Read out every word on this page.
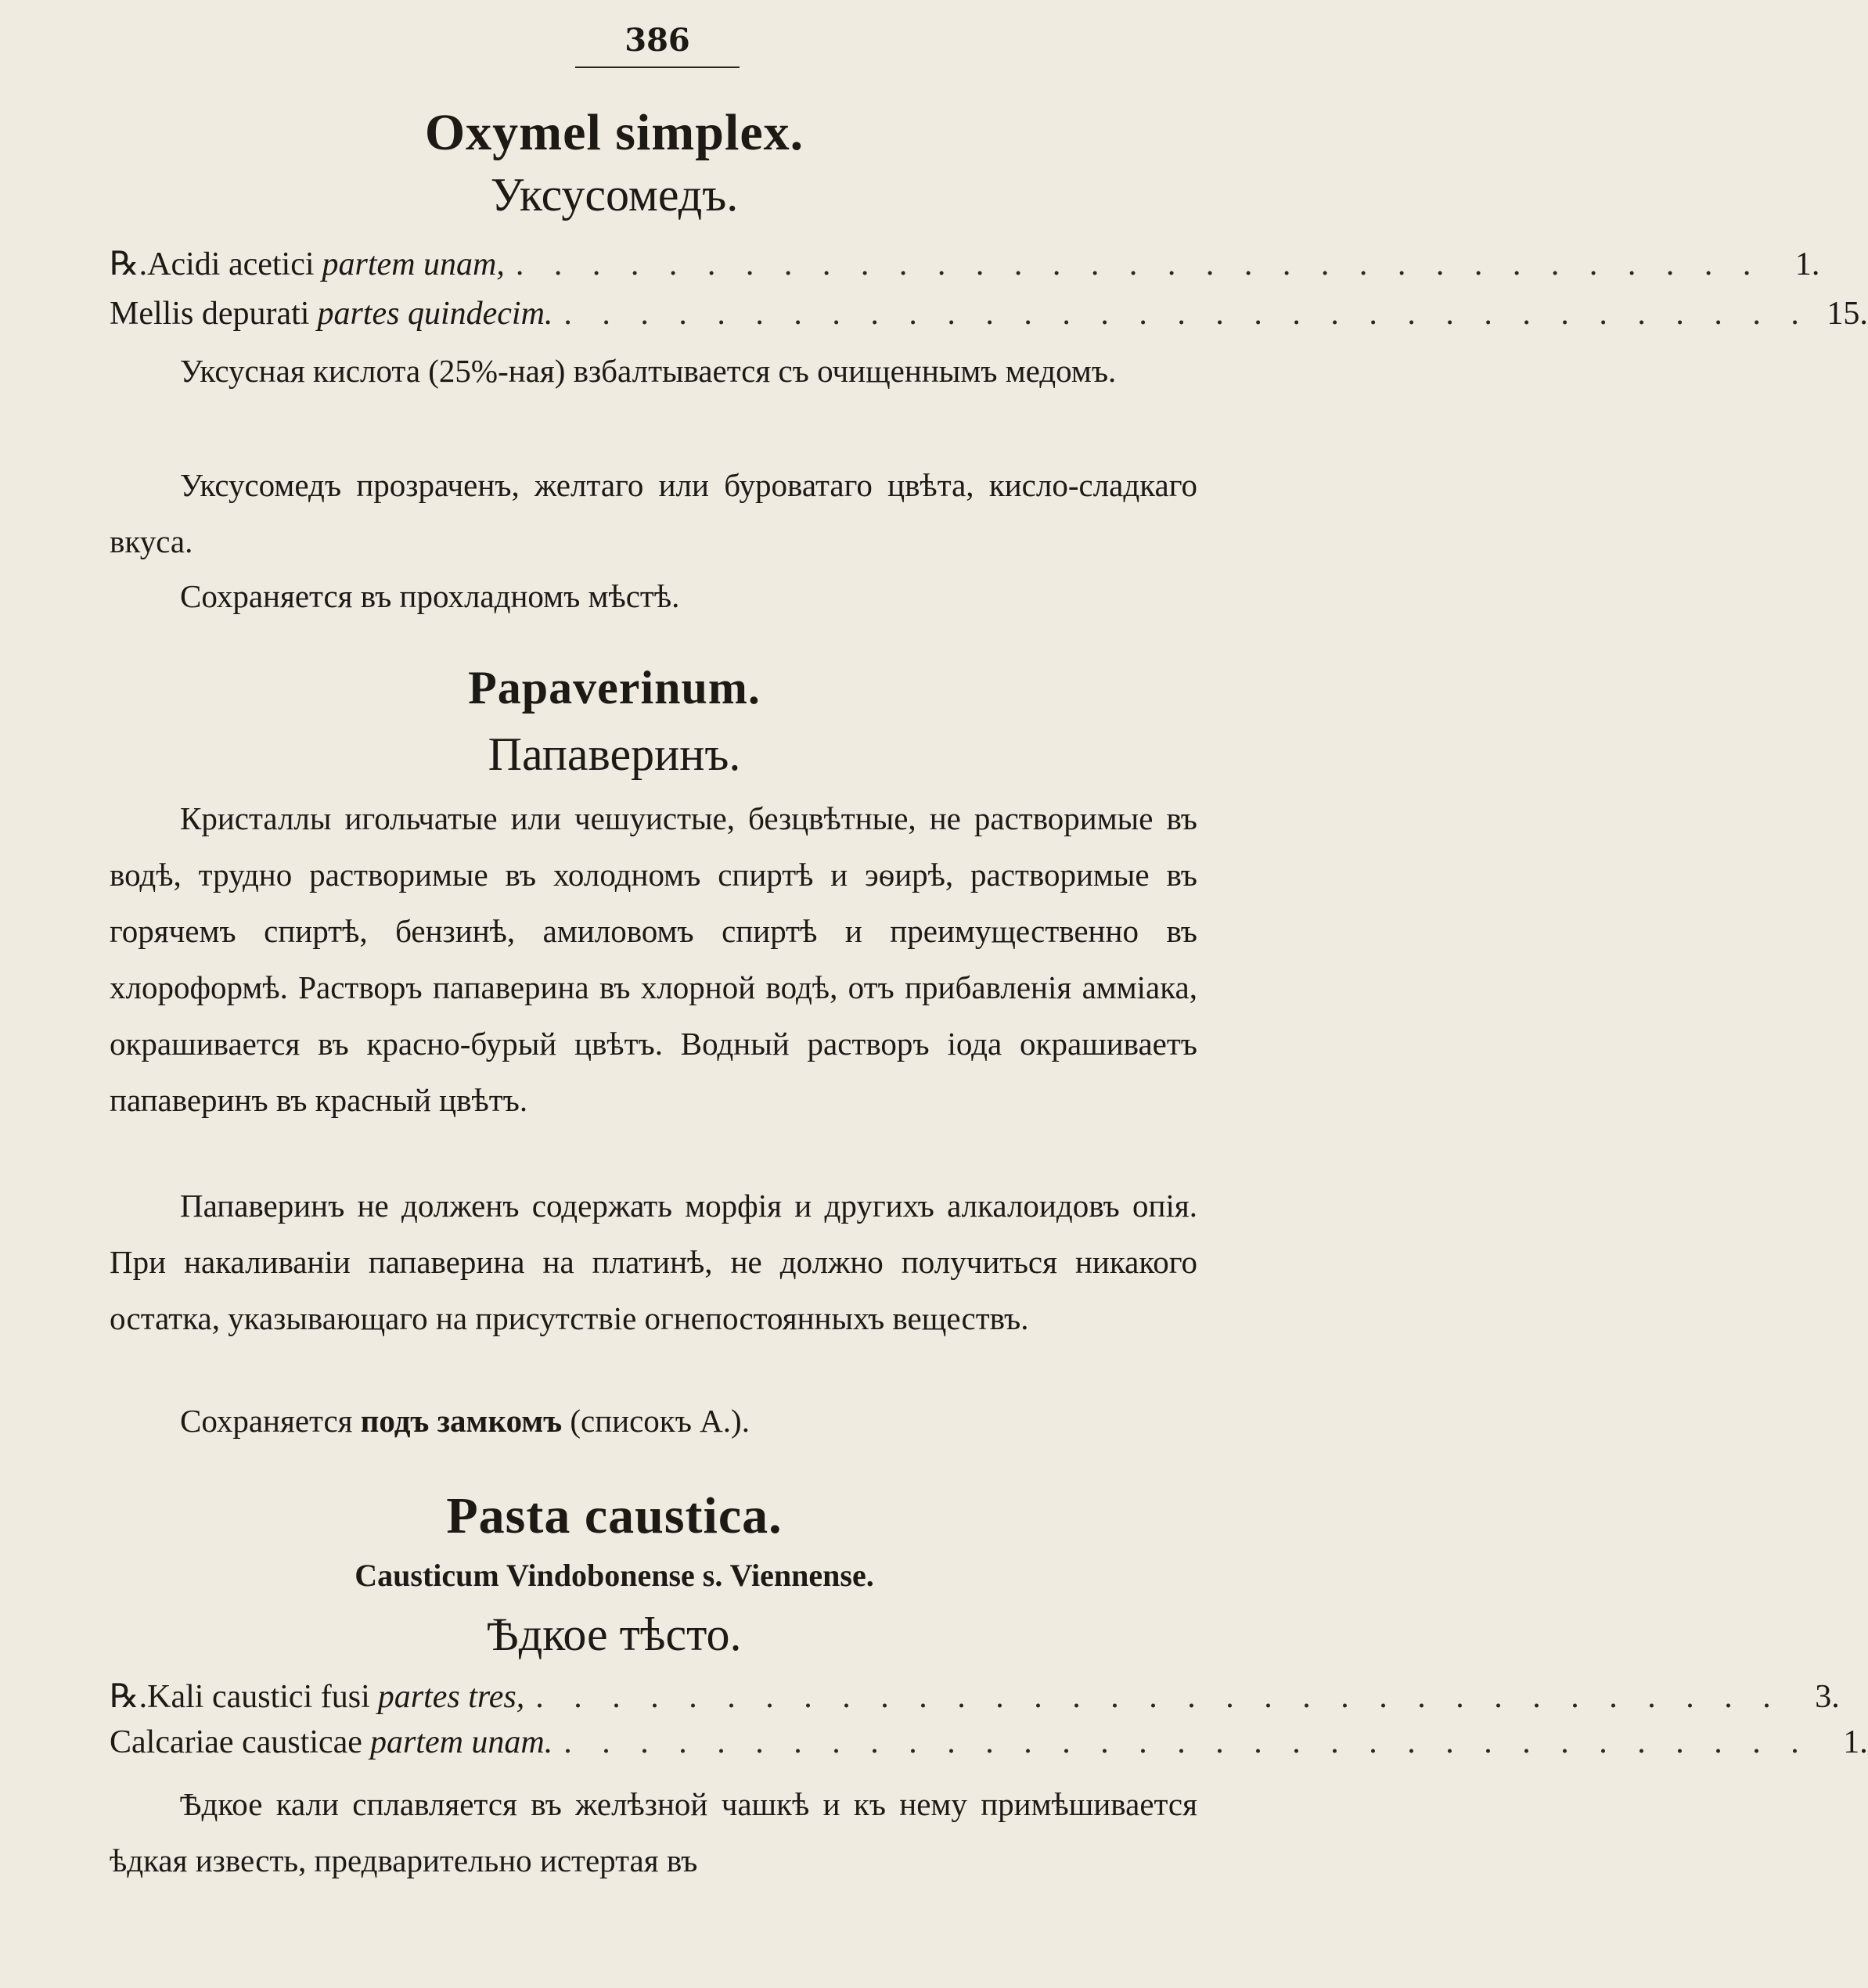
386
Oxymel simplex.
Уксусомедъ.
℞. Acidi acetici partem unam, . . . . . . . . . . . . . . . . . . . . . . . . . . . . . . . . .	1.
Mellis depurati partes quindecim. . . . . . . . . . . . . . . . . . . . . . . . . . . . . . . . . . 15.

Уксусная кислота (25%-ная) взбалтывается съ очищеннымъ медомъ.

Уксусомедъ прозраченъ, желтаго или буроватаго цвѣта, кисло-сладкаго вкуса.

Сохраняется въ прохладномъ мѣстѣ.

Papaverinum.
Папаверинъ.

Кристаллы игольчатые или чешуистые, безцвѣтные, не растворимые въ водѣ, трудно растворимые въ холодномъ спиртѣ и эѳирѣ, растворимые въ горячемъ спиртѣ, бензинѣ, амиловомъ спиртѣ и преимущественно въ хлороформѣ. Растворъ папаверина въ хлорной водѣ, отъ прибавленія амміака, окрашивается въ красно-бурый цвѣтъ. Водный растворъ іода окрашиваетъ папаверинъ въ красный цвѣтъ.

Папаверинъ не долженъ содержать морфія и другихъ алкалоидовъ опія. При накаливаніи папаверина на платинѣ, не должно получиться никакого остатка, указывающаго на присутствіе огнепостоянныхъ веществъ.

Сохраняется подъ замкомъ (списокъ А.).

Pasta caustica.
Causticum Vindobonense s. Viennense.
Ѣдкое тѣсто.
℞. Kali caustici fusi partes tres, . . . . . . . . . . . . . . . . . . . . . . . . . . . . . . . . .	3.
Calcariae causticae partem unam. . . . . . . . . . . . . . . . . . . . . . . . . . . . . . . . . .	1.

Ѣдкое кали сплавляется въ желѣзной чашкѣ и къ нему примѣшивается ѣдкая известь, предварительно истертая въ
